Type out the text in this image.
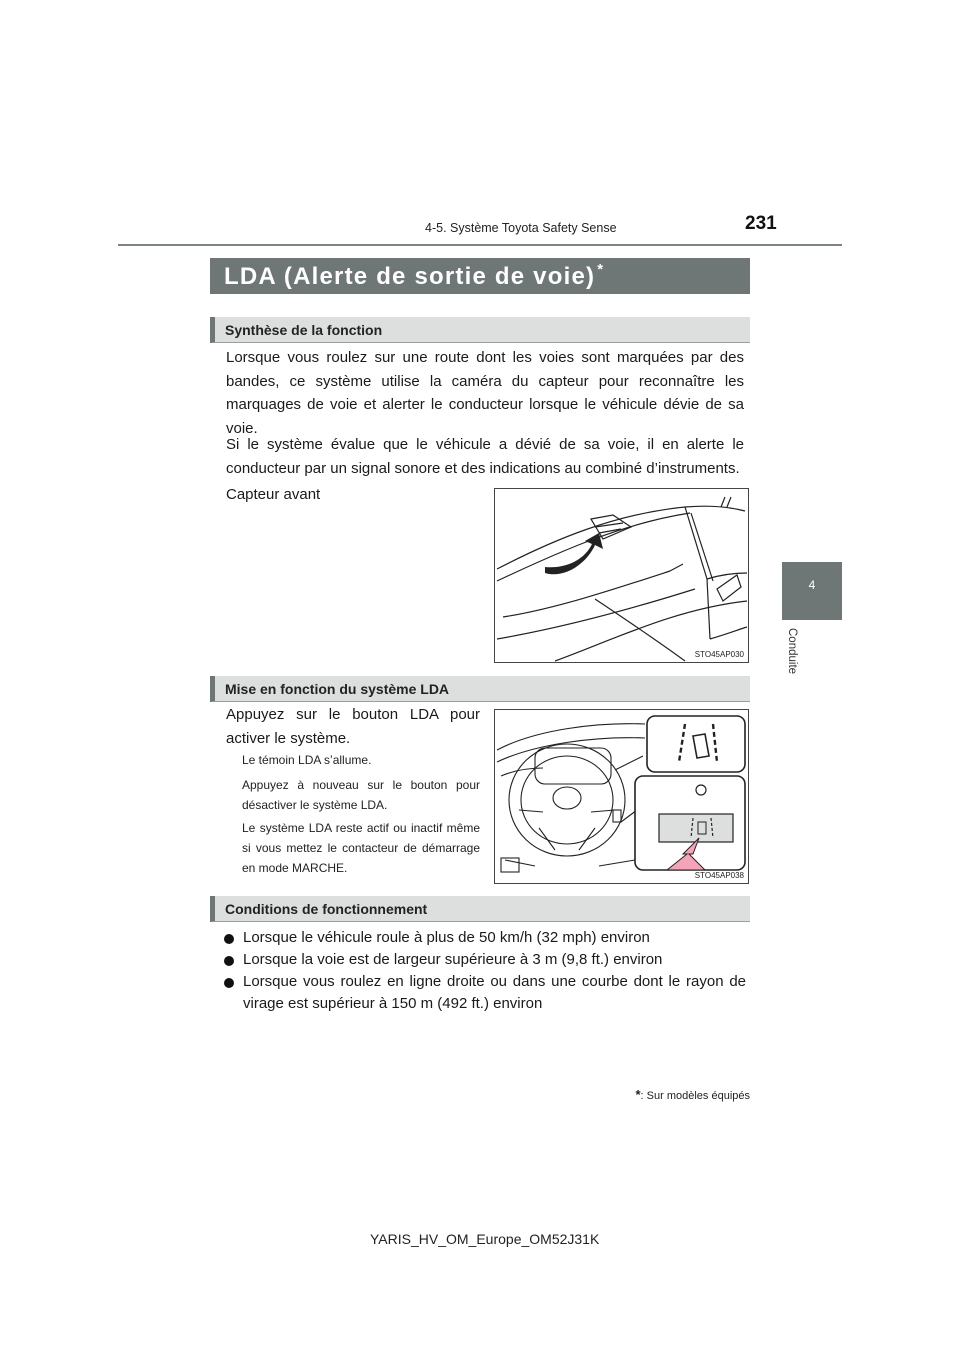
4-5. Système Toyota Safety Sense	231
4
Conduite
LDA (Alerte de sortie de voie) *
Synthèse de la fonction

Lorsque vous roulez sur une route dont les voies sont marquées par des bandes, ce système utilise la caméra du capteur pour reconnaître les marquages de voie et alerter le conducteur lorsque le véhicule dévie de sa voie.

Si le système évalue que le véhicule a dévié de sa voie, il en alerte le conducteur par un signal sonore et des indications au combiné d’instruments.

Capteur avant

STO45AP030
Mise en fonction du système LDA

Appuyez sur le bouton LDA pour activer le système.

Le témoin LDA s’allume.

Appuyez à nouveau sur le bouton pour désactiver le système LDA.

Le système LDA reste actif ou inactif même si vous mettez le contacteur de démarrage en mode MARCHE.

STO45AP038
Conditions de fonctionnement
Lorsque le véhicule roule à plus de 50 km/h (32 mph) environ
Lorsque la voie est de largeur supérieure à 3 m (9,8 ft.) environ
Lorsque vous roulez en ligne droite ou dans une courbe dont le rayon de virage est supérieur à 150 m (492 ft.) environ
*: Sur modèles équipés
YARIS_HV_OM_Europe_OM52J31K
